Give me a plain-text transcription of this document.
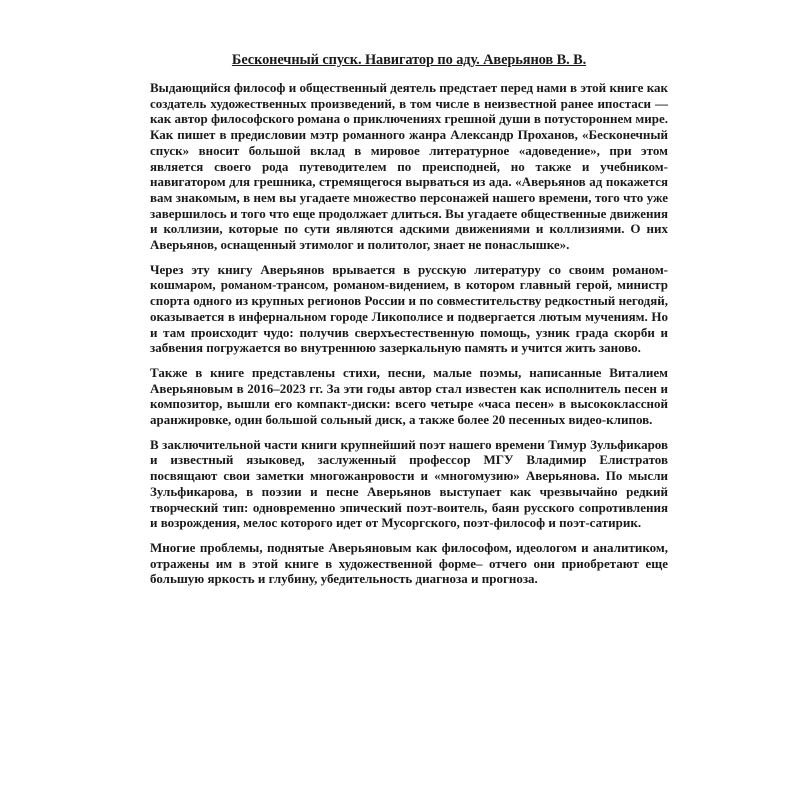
Бесконечный спуск. Навигатор по аду. Аверьянов В. В.

Выдающийся философ и общественный деятель предстает перед нами в этой книге как создатель художественных произведений, в том числе в неизвестной ранее ипостаси — как автор философского романа о приключениях грешной души в потустороннем мире. Как пишет в предисловии мэтр романного жанра Александр Проханов, «Бесконечный спуск» вносит большой вклад в мировое литературное «адоведение», при этом является своего рода путеводителем по преисподней, но также и учебником-навигатором для грешника, стремящегося вырваться из ада. «Аверьянов ад покажется вам знакомым, в нем вы угадаете множество персонажей нашего времени, того что уже завершилось и того что еще продолжает длиться. Вы угадаете общественные движения и коллизии, которые по сути являются адскими движениями и коллизиями. О них Аверьянов, оснащенный этимолог и политолог, знает не понаслышке».

Через эту книгу Аверьянов врывается в русскую литературу со своим романом-кошмаром, романом-трансом, романом-видением, в котором главный герой, министр спорта одного из крупных регионов России и по совместительству редкостный негодяй, оказывается в инфернальном городе Ликополисе и подвергается лютым мучениям. Но и там происходит чудо: получив сверхъестественную помощь, узник града скорби и забвения погружается во внутреннюю зазеркальную память и учится жить заново.

Также в книге представлены стихи, песни, малые поэмы, написанные Виталием Аверьяновым в 2016–2023 гг. За эти годы автор стал известен как исполнитель песен и композитор, вышли его компакт-диски: всего четыре «часа песен» в высококлассной аранжировке, один большой сольный диск, а также более 20 песенных видео-клипов.

В заключительной части книги крупнейший поэт нашего времени Тимур Зульфикаров и известный языковед, заслуженный профессор МГУ Владимир Елистратов посвящают свои заметки многожанровости и «многомузию» Аверьянова. По мысли Зульфикарова, в поэзии и песне Аверьянов выступает как чрезвычайно редкий творческий тип: одновременно эпический поэт-воитель, баян русского сопротивления и возрождения, мелос которого идет от Мусоргского, поэт-философ и поэт-сатирик.

Многие проблемы, поднятые Аверьяновым как философом, идеологом и аналитиком, отражены им в этой книге в художественной форме– отчего они приобретают еще большую яркость и глубину, убедительность диагноза и прогноза.
